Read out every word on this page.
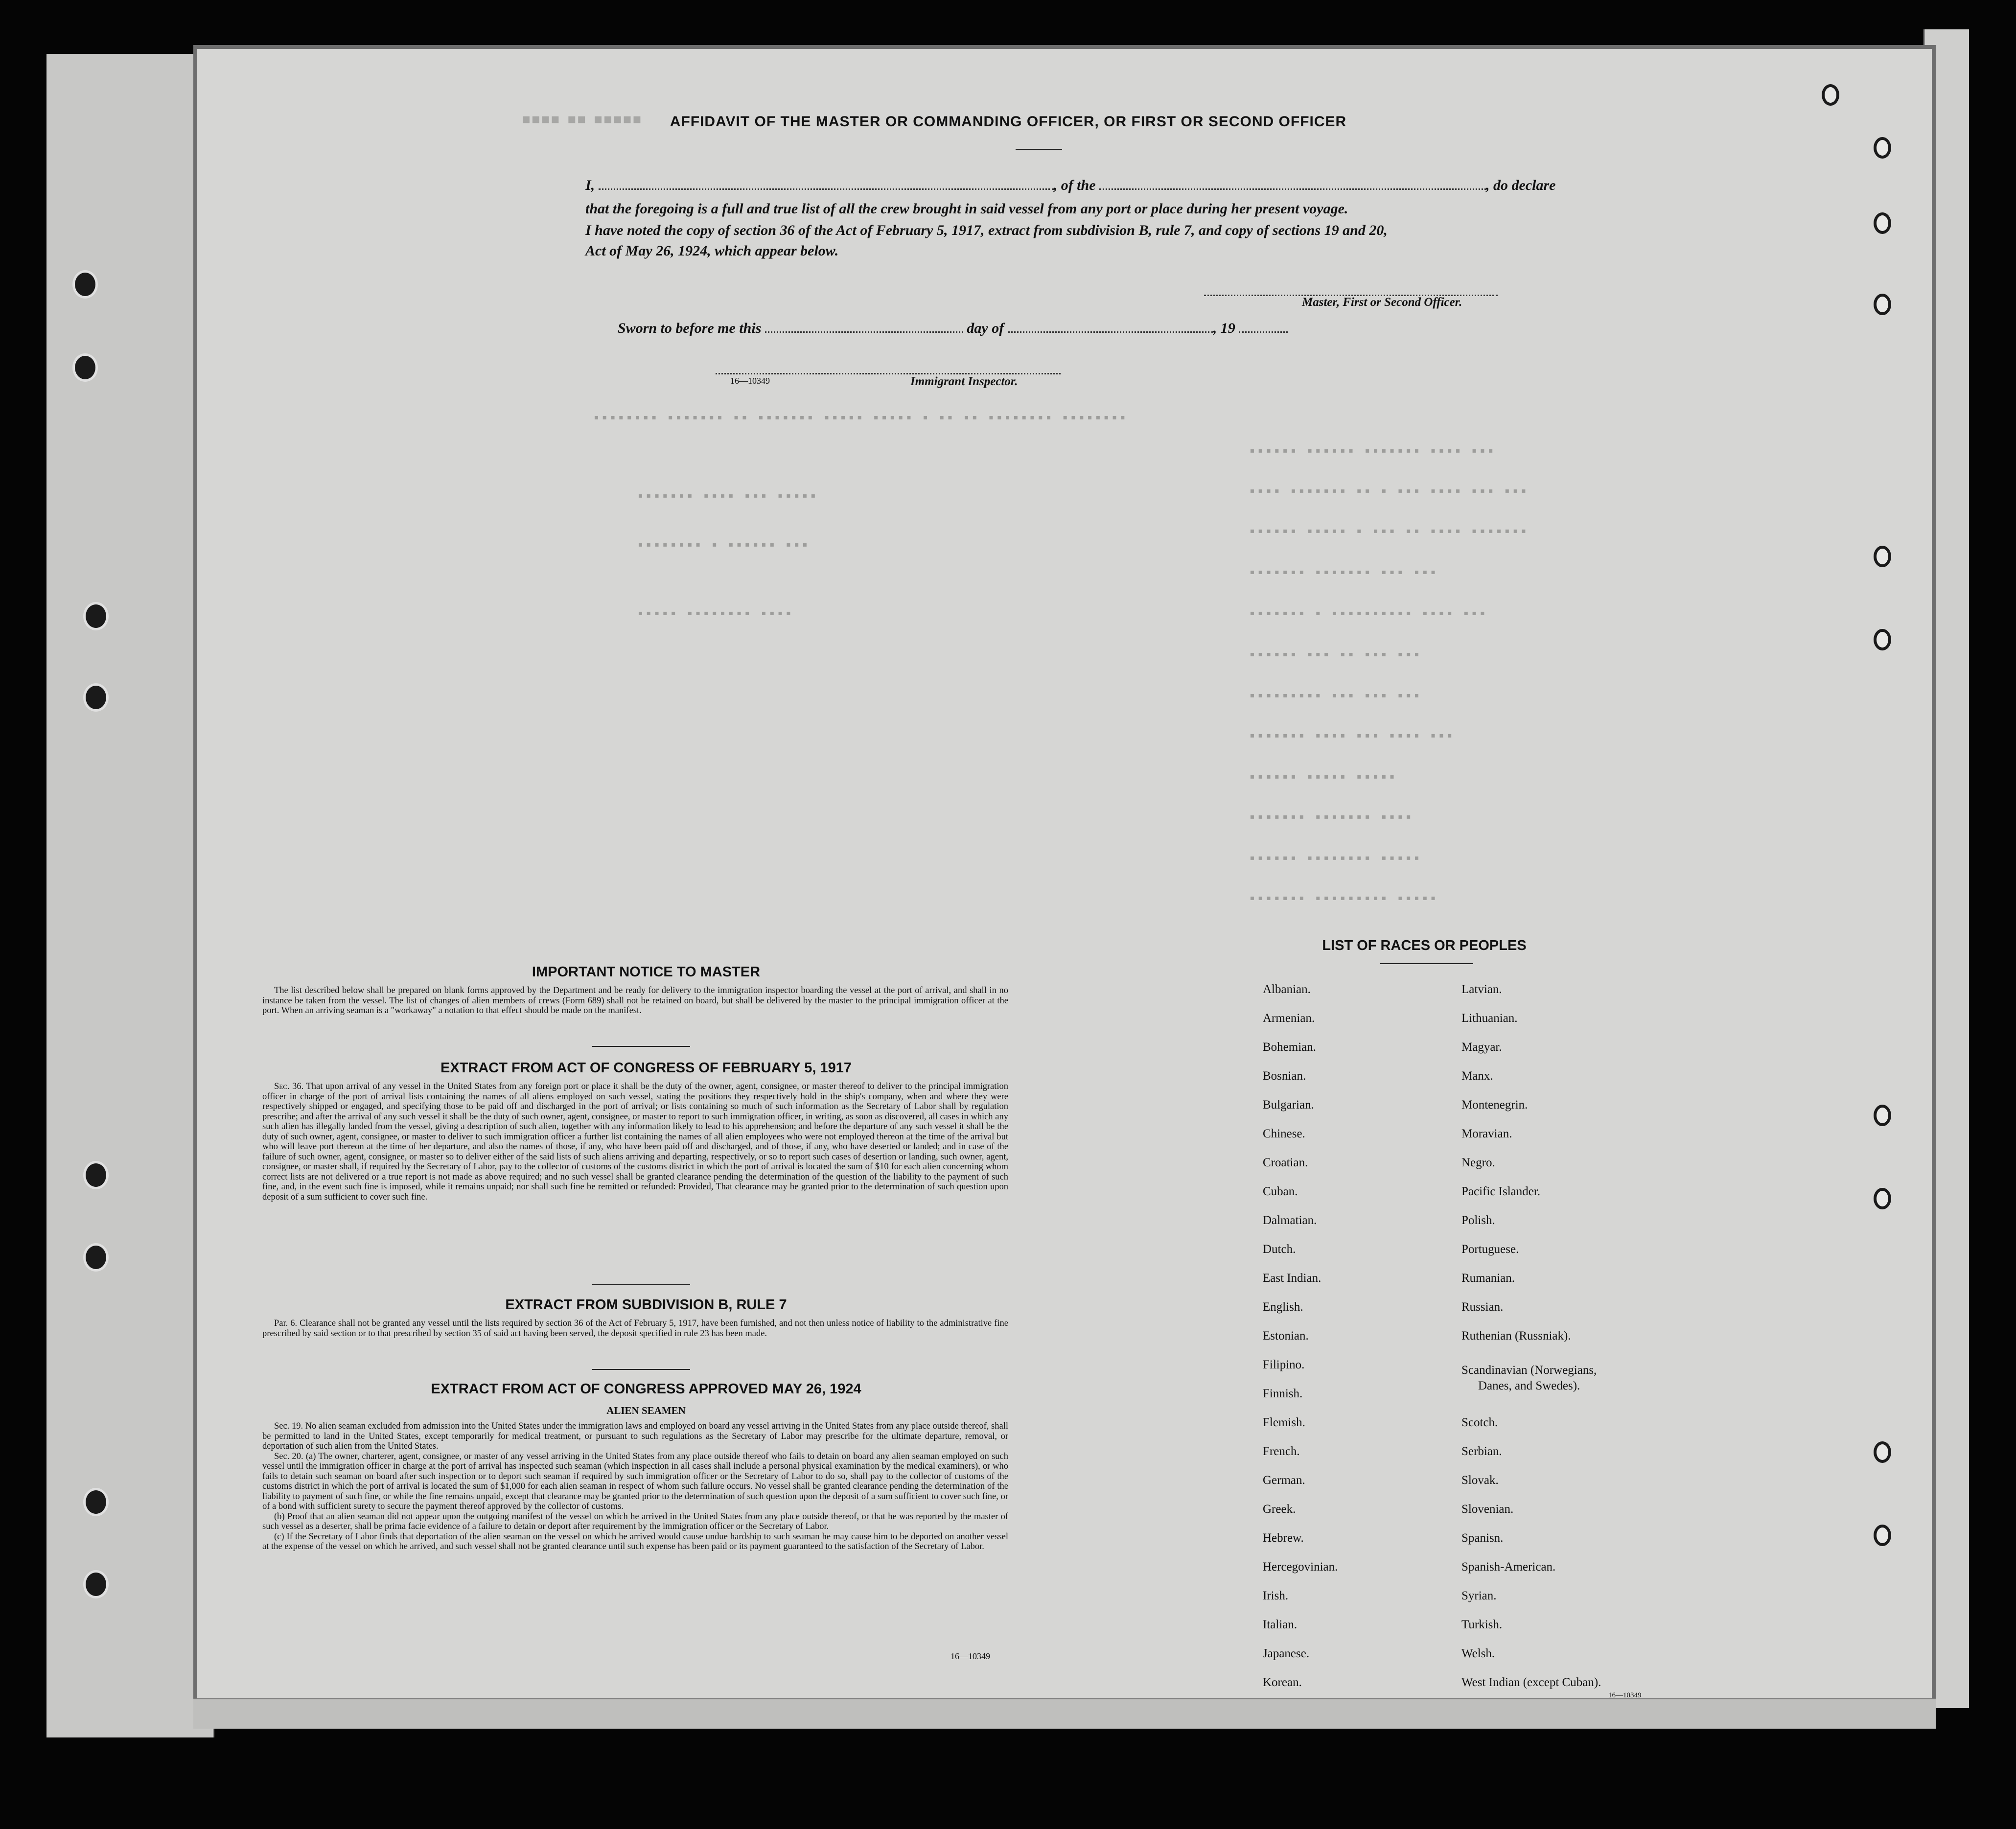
▪▪▪▪ ▪▪ ▪▪▪▪▪
▪▪▪▪▪▪▪▪ ▪▪▪▪▪▪▪ ▪▪ ▪▪▪▪▪▪▪ ▪▪▪▪▪ ▪▪▪▪▪ ▪ ▪▪ ▪▪ ▪▪▪▪▪▪▪▪ ▪▪▪▪▪▪▪▪
▪▪▪▪▪▪ ▪▪▪▪▪▪ ▪▪▪▪▪▪▪ ▪▪▪▪ ▪▪▪
▪▪▪▪ ▪▪▪▪▪▪▪ ▪▪ ▪ ▪▪▪ ▪▪▪▪ ▪▪▪ ▪▪▪
▪▪▪▪▪▪ ▪▪▪▪▪ ▪ ▪▪▪ ▪▪ ▪▪▪▪ ▪▪▪▪▪▪▪
▪▪▪▪▪▪▪ ▪▪▪▪▪▪▪ ▪▪▪ ▪▪▪
▪▪▪▪▪▪▪ ▪ ▪▪▪▪▪▪▪▪▪▪ ▪▪▪▪ ▪▪▪
▪▪▪▪▪▪ ▪▪▪ ▪▪ ▪▪▪ ▪▪▪
▪▪▪▪▪▪▪▪▪ ▪▪▪ ▪▪▪ ▪▪▪
▪▪▪▪▪▪▪ ▪▪▪▪ ▪▪▪ ▪▪▪▪ ▪▪▪
▪▪▪▪▪▪ ▪▪▪▪▪ ▪▪▪▪▪
▪▪▪▪▪▪▪ ▪▪▪▪▪▪▪ ▪▪▪▪
▪▪▪▪▪▪ ▪▪▪▪▪▪▪▪ ▪▪▪▪▪
▪▪▪▪▪▪▪ ▪▪▪▪▪▪▪▪▪ ▪▪▪▪▪
▪▪▪▪▪▪▪ ▪▪▪▪ ▪▪▪ ▪▪▪▪▪
▪▪▪▪▪▪▪▪ ▪ ▪▪▪▪▪▪ ▪▪▪
▪▪▪▪▪ ▪▪▪▪▪▪▪▪ ▪▪▪▪
AFFIDAVIT OF THE MASTER OR COMMANDING OFFICER, OR FIRST OR SECOND OFFICER
I,	, of the	, do declare
that the foregoing is a full and true list of all the crew brought in said vessel from any port or place during her present voyage.
I have noted the copy of section 36 of the Act of February 5, 1917, extract from subdivision B, rule 7, and copy of sections 19 and 20,
Act of May 26, 1924, which appear below.
Master, First or Second Officer.
Sworn to before me this	day of	, 19
16—10349	Immigrant Inspector.
IMPORTANT NOTICE TO MASTER

The list described below shall be prepared on blank forms approved by the Department and be ready for delivery to the immigration inspector boarding the vessel at the port of arrival, and shall in no instance be taken from the vessel. The list of changes of alien members of crews (Form 689) shall not be retained on board, but shall be delivered by the master to the principal immigration officer at the port. When an arriving seaman is a "workaway" a notation to that effect should be made on the manifest.

EXTRACT FROM ACT OF CONGRESS OF FEBRUARY 5, 1917

Sec. 36. That upon arrival of any vessel in the United States from any foreign port or place it shall be the duty of the owner, agent, consignee, or master thereof to deliver to the principal immigration officer in charge of the port of arrival lists containing the names of all aliens employed on such vessel, stating the positions they respectively hold in the ship's company, when and where they were respectively shipped or engaged, and specifying those to be paid off and discharged in the port of arrival; or lists containing so much of such information as the Secretary of Labor shall by regulation prescribe; and after the arrival of any such vessel it shall be the duty of such owner, agent, consignee, or master to report to such immigration officer, in writing, as soon as discovered, all cases in which any such alien has illegally landed from the vessel, giving a description of such alien, together with any information likely to lead to his apprehension; and before the departure of any such vessel it shall be the duty of such owner, agent, consignee, or master to deliver to such immigration officer a further list containing the names of all alien employees who were not employed thereon at the time of the arrival but who will leave port thereon at the time of her departure, and also the names of those, if any, who have been paid off and discharged, and of those, if any, who have deserted or landed; and in case of the failure of such owner, agent, consignee, or master so to deliver either of the said lists of such aliens arriving and departing, respectively, or so to report such cases of desertion or landing, such owner, agent, consignee, or master shall, if required by the Secretary of Labor, pay to the collector of customs of the customs district in which the port of arrival is located the sum of $10 for each alien concerning whom correct lists are not delivered or a true report is not made as above required; and no such vessel shall be granted clearance pending the determination of the question of the liability to the payment of such fine, and, in the event such fine is imposed, while it remains unpaid; nor shall such fine be remitted or refunded: Provided, That clearance may be granted prior to the determination of such question upon deposit of a sum sufficient to cover such fine.

EXTRACT FROM SUBDIVISION B, RULE 7

Par. 6. Clearance shall not be granted any vessel until the lists required by section 36 of the Act of February 5, 1917, have been furnished, and not then unless notice of liability to the administrative fine prescribed by said section or to that prescribed by section 35 of said act having been served, the deposit specified in rule 23 has been made.

EXTRACT FROM ACT OF CONGRESS APPROVED MAY 26, 1924
ALIEN SEAMEN

Sec. 19. No alien seaman excluded from admission into the United States under the immigration laws and employed on board any vessel arriving in the United States from any place outside thereof, shall be permitted to land in the United States, except temporarily for medical treatment, or pursuant to such regulations as the Secretary of Labor may prescribe for the ultimate departure, removal, or deportation of such alien from the United States.

Sec. 20. (a) The owner, charterer, agent, consignee, or master of any vessel arriving in the United States from any place outside thereof who fails to detain on board any alien seaman employed on such vessel until the immigration officer in charge at the port of arrival has inspected such seaman (which inspection in all cases shall include a personal physical examination by the medical examiners), or who fails to detain such seaman on board after such inspection or to deport such seaman if required by such immigration officer or the Secretary of Labor to do so, shall pay to the collector of customs of the customs district in which the port of arrival is located the sum of $1,000 for each alien seaman in respect of whom such failure occurs. No vessel shall be granted clearance pending the determination of the liability to payment of such fine, or while the fine remains unpaid, except that clearance may be granted prior to the determination of such question upon the deposit of a sum sufficient to cover such fine, or of a bond with sufficient surety to secure the payment thereof approved by the collector of customs.

(b) Proof that an alien seaman did not appear upon the outgoing manifest of the vessel on which he arrived in the United States from any place outside thereof, or that he was reported by the master of such vessel as a deserter, shall be prima facie evidence of a failure to detain or deport after requirement by the immigration officer or the Secretary of Labor.

(c) If the Secretary of Labor finds that deportation of the alien seaman on the vessel on which he arrived would cause undue hardship to such seaman he may cause him to be deported on another vessel at the expense of the vessel on which he arrived, and such vessel shall not be granted clearance until such expense has been paid or its payment guaranteed to the satisfaction of the Secretary of Labor.

16—10349
LIST OF RACES OR PEOPLES
Albanian.
Armenian.
Bohemian.
Bosnian.
Bulgarian.
Chinese.
Croatian.
Cuban.
Dalmatian.
Dutch.
East Indian.
English.
Estonian.
Filipino.
Finnish.
Flemish.
French.
German.
Greek.
Hebrew.
Hercegovinian.
Irish.
Italian.
Japanese.
Korean.
Latvian.
Lithuanian.
Magyar.
Manx.
Montenegrin.
Moravian.
Negro.
Pacific Islander.
Polish.
Portuguese.
Rumanian.
Russian.
Ruthenian (Russniak).
Scandinavian (Norwegians,
Danes, and Swedes).
Scotch.
Serbian.
Slovak.
Slovenian.
Spanisn.
Spanish-American.
Syrian.
Turkish.
Welsh.
West Indian (except Cuban).
16—10349
